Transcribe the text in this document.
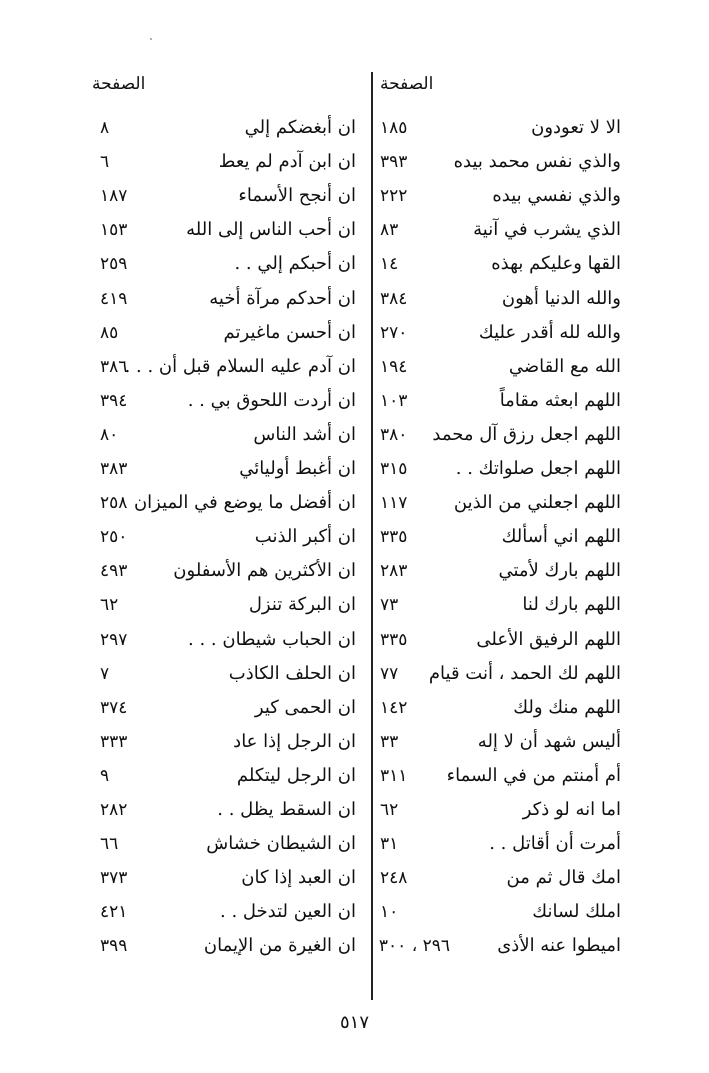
الصفحة	الصفحة
الا لا تعودون
١٨٥
ان أبغضكم إلي
٨
والذي نفس محمد بيده
٣٩٣
ان ابن آدم لم يعط
٦
والذي نفسي بيده
٢٢٢
ان أنجح الأسماء
١٨٧
الذي يشرب في آنية
٨٣
ان أحب الناس إلى الله
١٥٣
القها وعليكم بهذه
١٤
ان أحبكم إلي . .
٢٥٩
والله الدنيا أهون
٣٨٤
ان أحدكم مرآة أخيه
٤١٩
والله لله أقدر عليك
٢٧٠
ان أحسن ماغيرتم
٨٥
الله مع القاضي
١٩٤
ان آدم عليه السلام قبل أن . . .
٣٨٦
اللهم ابعثه مقاماً
١٠٣
ان أردت اللحوق بي . .
٣٩٤
اللهم اجعل رزق آل محمد
٣٨٠
ان أشد الناس
٨٠
اللهم اجعل صلواتك . .
٣١٥
ان أغبط أوليائي
٣٨٣
اللهم اجعلني من الذين
١١٧
ان أفضل ما يوضع في الميزان
٢٥٨
اللهم اني أسألك
٣٣٥
ان أكبر الذنب
٢٥٠
اللهم بارك لأمتي
٢٨٣
ان الأكثرين هم الأسفلون
٤٩٣
اللهم بارك لنا
٧٣
ان البركة تنزل
٦٢
اللهم الرفيق الأعلى
٣٣٥
ان الحباب شيطان . . .
٢٩٧
اللهم لك الحمد ، أنت قيام
٧٧
ان الحلف الكاذب
٧
اللهم منك ولك
١٤٢
ان الحمى كير
٣٧٤
أليس شهد أن لا إله
٣٣
ان الرجل إذا عاد
٣٣٣
أم أمنتم من في السماء
٣١١
ان الرجل ليتكلم
٩
اما انه لو ذكر
٦٢
ان السقط يظل . .
٢٨٢
أمرت أن أقاتل . .
٣١
ان الشيطان خشاش
٦٦
امك قال ثم من
٢٤٨
ان العبد إذا كان
٣٧٣
املك لسانك
١٠
ان العين لتدخل . .
٤٢١
اميطوا عنه الأذى
٢٩٦ ، ٣٠٠
ان الغيرة من الإيمان
٣٩٩
٥١٧
